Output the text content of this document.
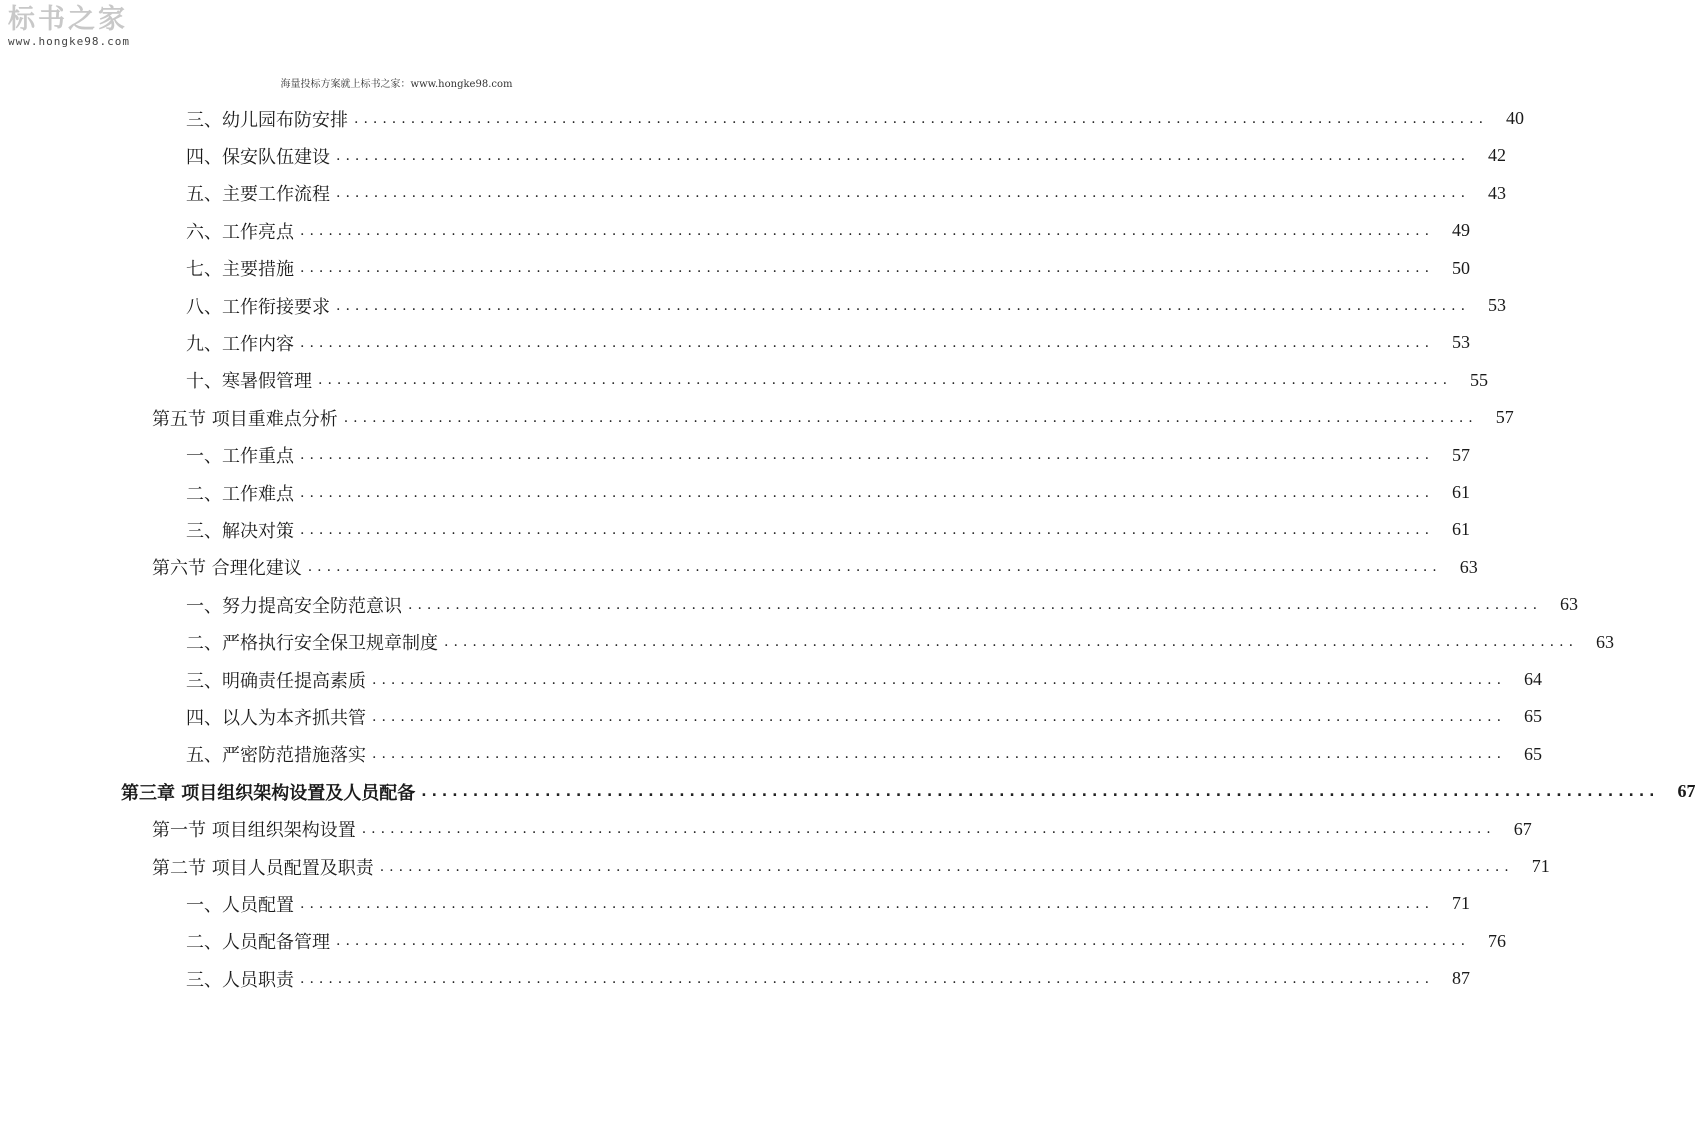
标书之家
www.hongke98.com
海量投标方案就上标书之家：www.hongke98.com
三、幼儿园布防安排 ........................................................................................................................	40
四、保安队伍建设 ........................................................................................................................	42
五、主要工作流程 ........................................................................................................................	43
六、工作亮点 ........................................................................................................................	49
七、主要措施 ........................................................................................................................	50
八、工作衔接要求 ........................................................................................................................	53
九、工作内容 ........................................................................................................................	53
十、寒暑假管理 ........................................................................................................................	55
第五节 项目重难点分析 ........................................................................................................................	57
一、工作重点 ........................................................................................................................	57
二、工作难点 ........................................................................................................................	61
三、解决对策 ........................................................................................................................	61
第六节 合理化建议 ........................................................................................................................	63
一、努力提高安全防范意识 ........................................................................................................................	63
二、严格执行安全保卫规章制度 ........................................................................................................................	63
三、明确责任提高素质 ........................................................................................................................	64
四、以人为本齐抓共管 ........................................................................................................................	65
五、严密防范措施落实 ........................................................................................................................	65
第三章 项目组织架构设置及人员配备 ........................................................................................................................	67
第一节 项目组织架构设置 ........................................................................................................................	67
第二节 项目人员配置及职责 ........................................................................................................................	71
一、人员配置 ........................................................................................................................	71
二、人员配备管理 ........................................................................................................................	76
三、人员职责 ........................................................................................................................	87
